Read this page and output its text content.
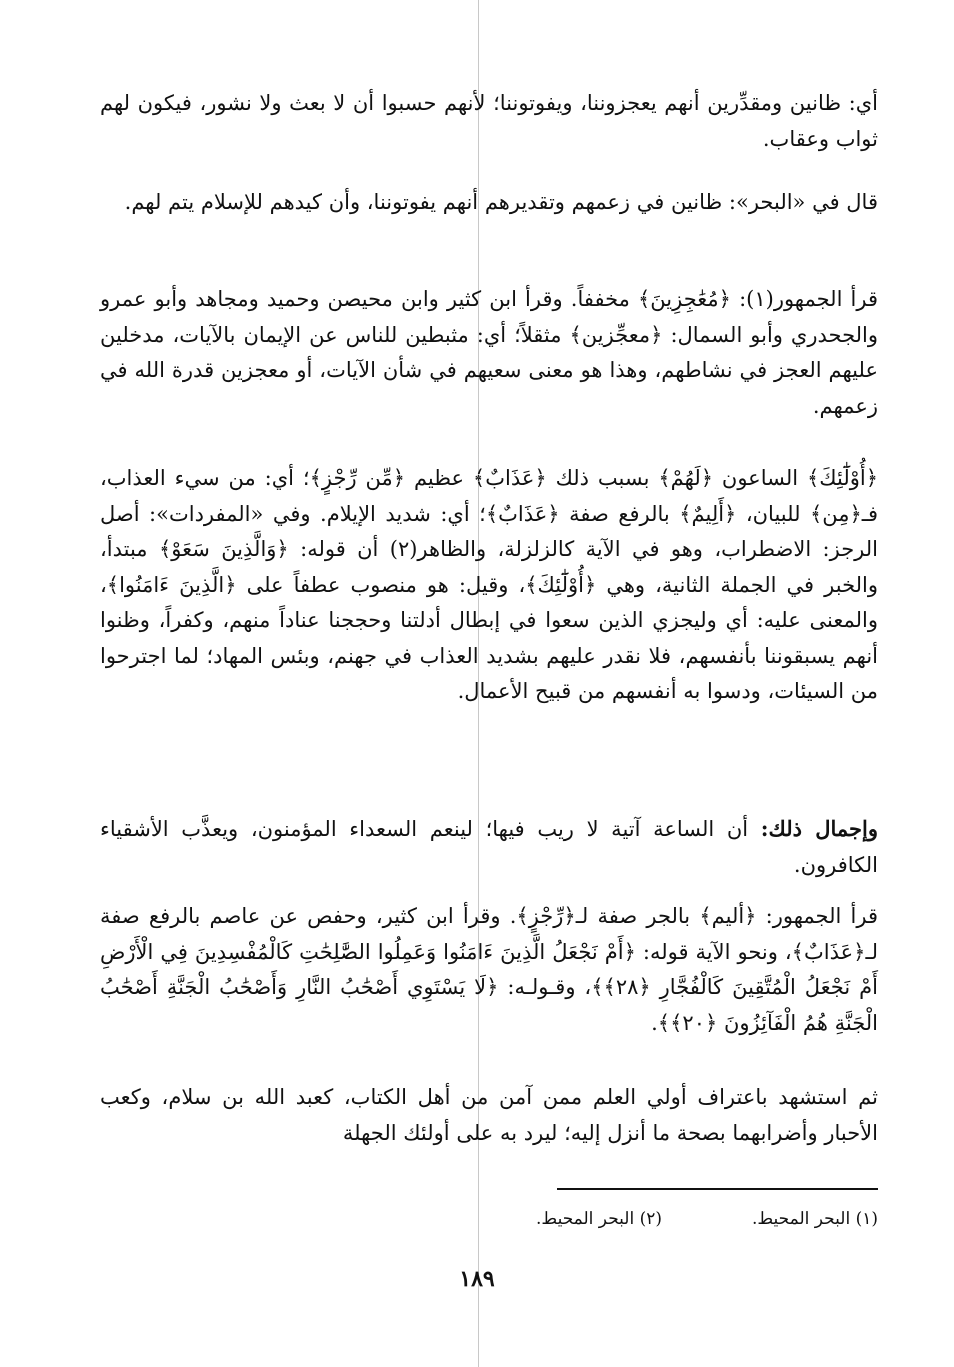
أي: ظانين ومقدِّرين أنهم يعجزوننا، ويفوتوننا؛ لأنهم حسبوا أن لا بعث ولا نشور، فيكون لهم ثواب وعقاب.

قال في «البحر»: ظانين في زعمهم وتقديرهم أنهم يفوتوننا، وأن كيدهم للإسلام يتم لهم.

قرأ الجمهور(١): ﴿مُعَٰجِزِينَ﴾ مخففاً. وقرأ ابن كثير وابن محيصن وحميد ومجاهد وأبو عمرو والجحدري وأبو السمال: ﴿معجِّزين﴾ مثقلاً؛ أي: مثبطين للناس عن الإيمان بالآيات، مدخلين عليهم العجز في نشاطهم، وهذا هو معنى سعيهم في شأن الآيات، أو معجزين قدرة الله في زعمهم.

﴿أُوْلَٰٓئِكَ﴾ الساعون ﴿لَهُمْ﴾ بسبب ذلك ﴿عَذَابٌ﴾ عظيم ﴿مِّن رِّجْزٍ﴾؛ أي: من سيء العذاب، فـ﴿مِن﴾ للبيان، ﴿أَلِيمٌ﴾ بالرفع صفة ﴿عَذَابٌ﴾؛ أي: شديد الإيلام. وفي «المفردات»: أصل الرجز: الاضطراب، وهو في الآية كالزلزلة، والظاهر(٢) أن قوله: ﴿وَالَّذِينَ سَعَوْ﴾ مبتدأ، والخبر في الجملة الثانية، وهي ﴿أُوْلَٰٓئِكَ﴾، وقيل: هو منصوب عطفاً على ﴿الَّذِينَ ءَامَنُوا﴾، والمعنى عليه: أي وليجزي الذين سعوا في إبطال أدلتنا وحججنا عناداً منهم، وكفراً، وظنوا أنهم يسبقوننا بأنفسهم، فلا نقدر عليهم بشديد العذاب في جهنم، وبئس المهاد؛ لما اجترحوا من السيئات، ودسوا به أنفسهم من قبيح الأعمال.

وإجمال ذلك: أن الساعة آتية لا ريب فيها؛ لينعم السعداء المؤمنون، ويعذَّب الأشقياء الكافرون.

قرأ الجمهور: ﴿أليم﴾ بالجر صفة لـ﴿رِّجْزٍ﴾. وقرأ ابن كثير، وحفص عن عاصم بالرفع صفة لـ﴿عَذَابٌ﴾، ونحو الآية قوله: ﴿أَمْ نَجْعَلُ الَّذِينَ ءَامَنُوا وَعَمِلُوا الصَّٰلِحَٰتِ كَالْمُفْسِدِينَ فِي الْأَرْضِ أَمْ نَجْعَلُ الْمُتَّقِينَ كَالْفُجَّارِ ﴿٢٨﴾﴾، وقـولـه: ﴿لَا يَسْتَوِي أَصْحَٰبُ النَّارِ وَأَصْحَٰبُ الْجَنَّةِ أَصْحَٰبُ الْجَنَّةِ هُمُ الْفَآئِزُونَ ﴿٢٠﴾﴾.

ثم استشهد باعتراف أولي العلم ممن آمن من أهل الكتاب، كعبد الله بن سلام، وكعب الأحبار وأضرابهما بصحة ما أنزل إليه؛ ليرد به على أولئك الجهلة

(١) البحر المحيط.
(٢) البحر المحيط.
١٨٩
